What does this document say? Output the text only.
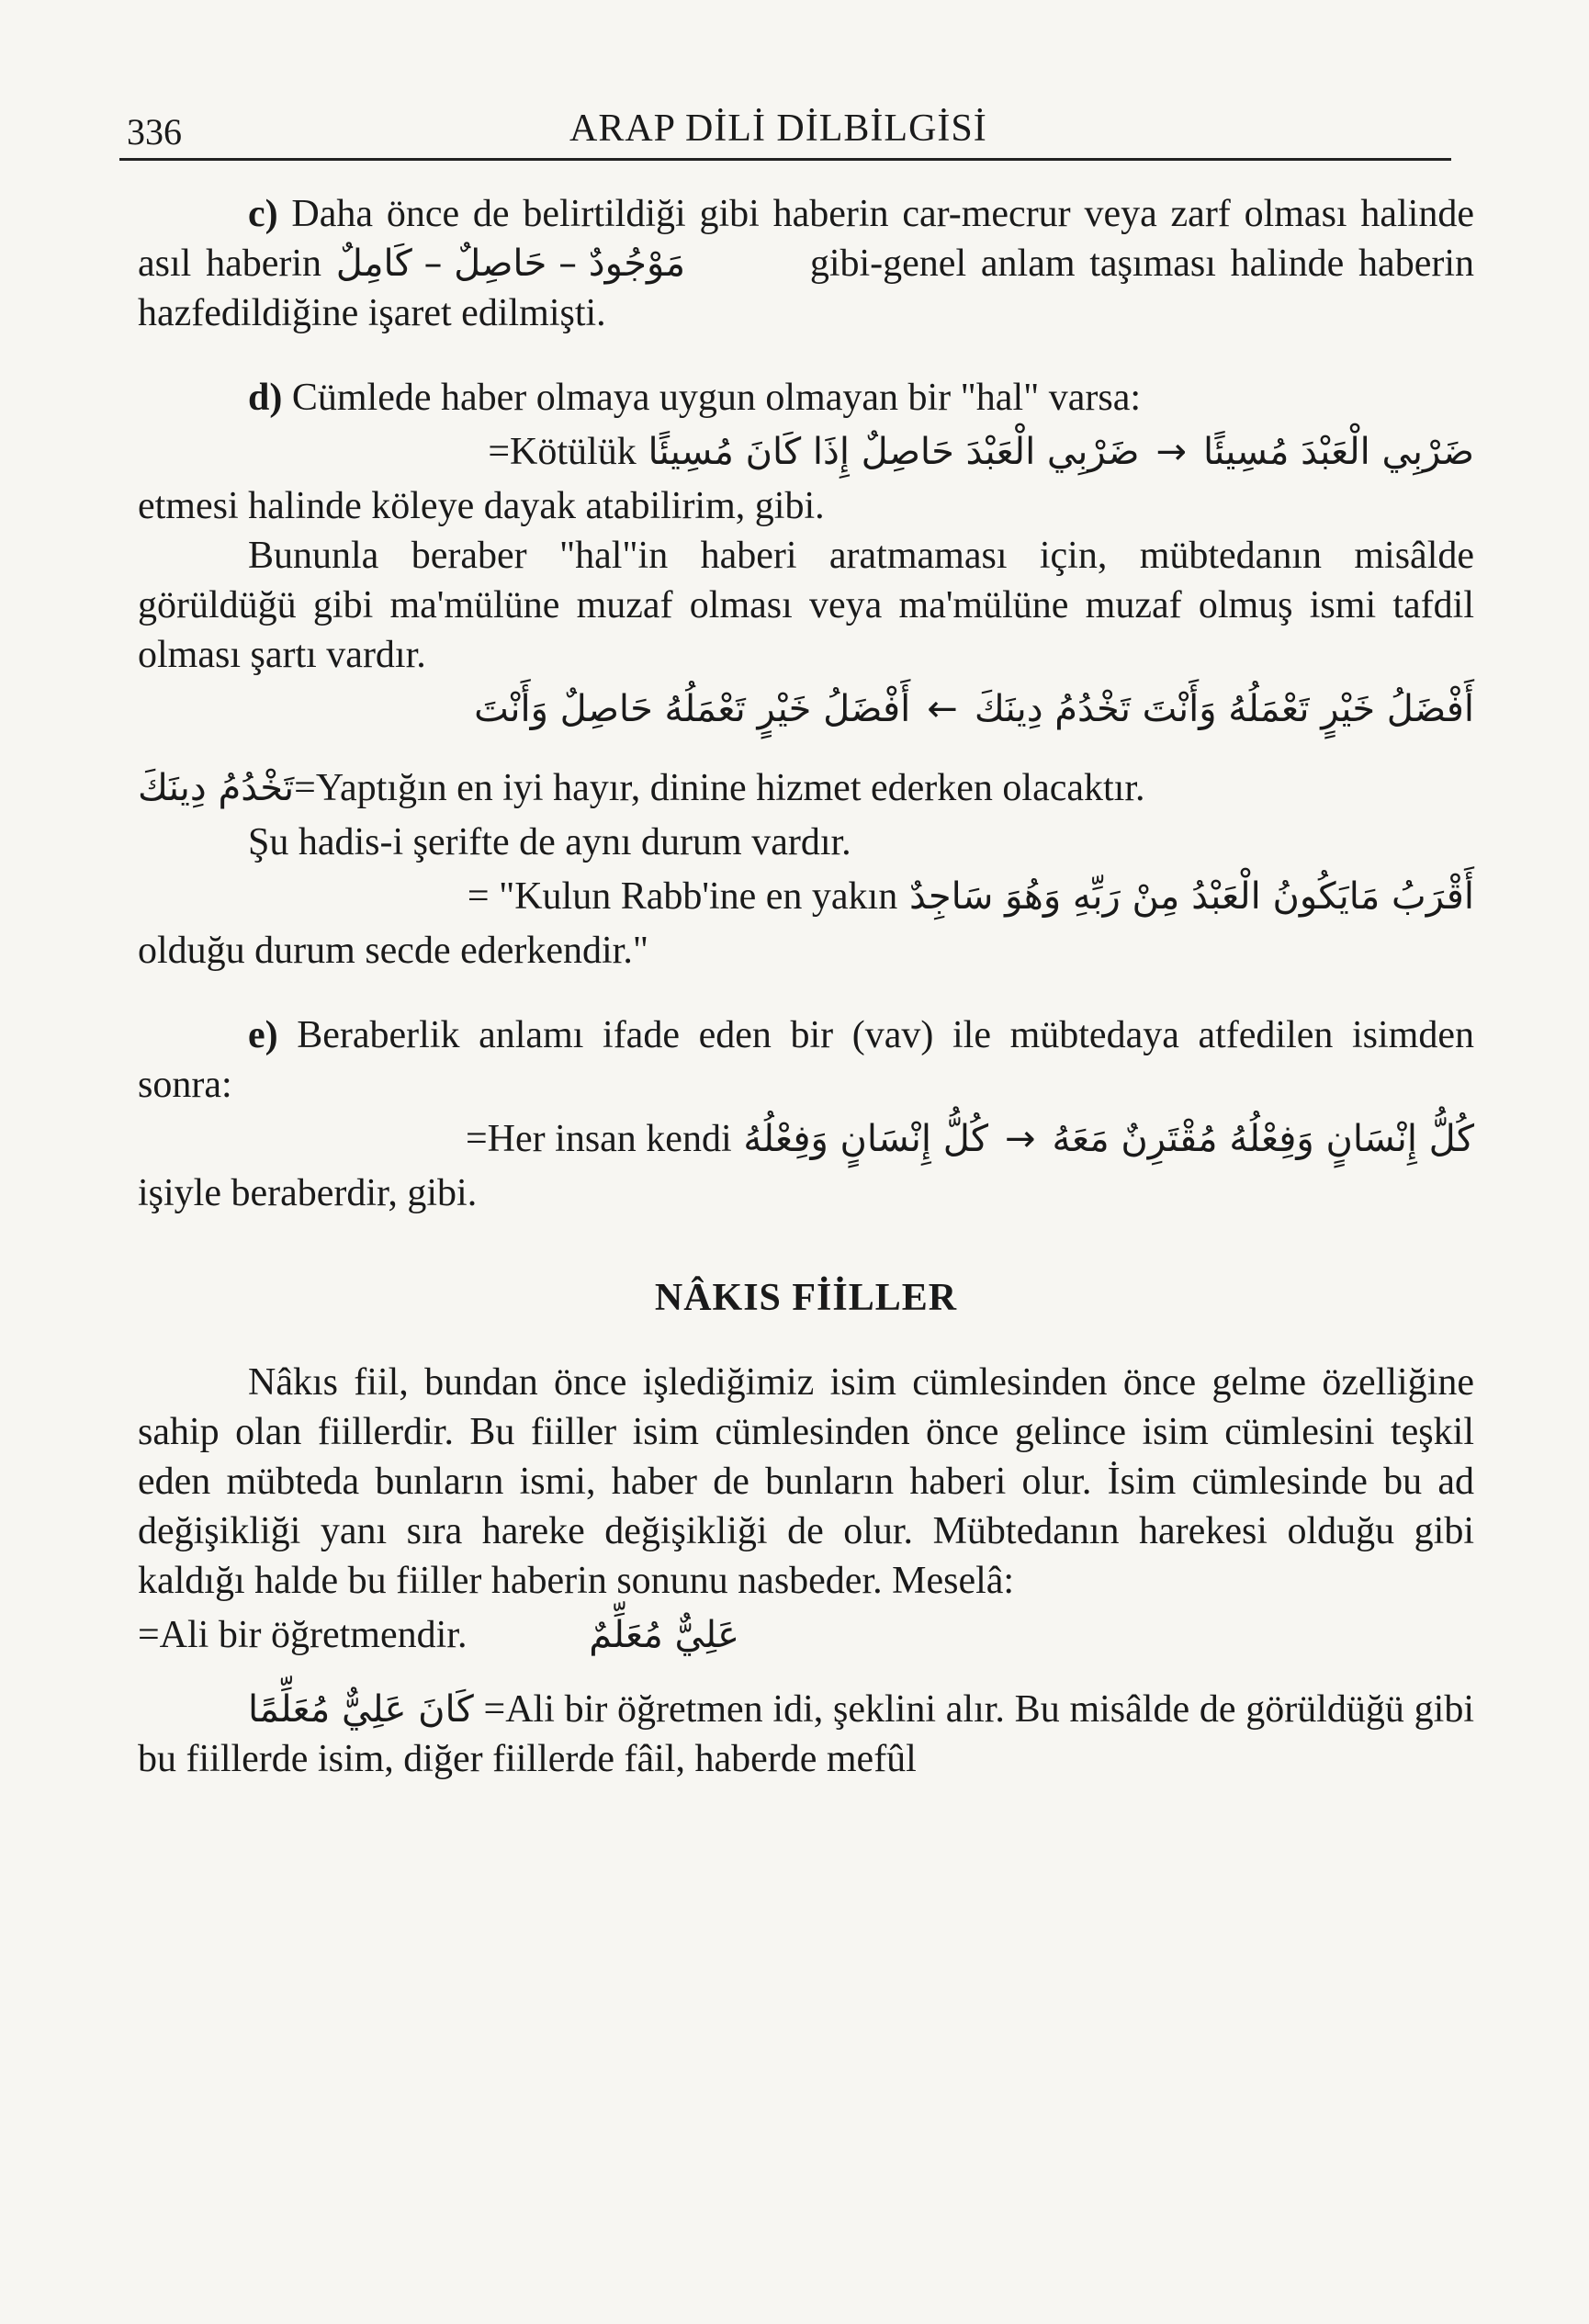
336	ARAP DİLİ DİLBİLGİSİ

c) Daha önce de belirtildiği gibi haberin car-mecrur veya zarf olması halinde asıl haberin مَوْجُودٌ – حَاصِلٌ – كَامِلٌ	gibi-genel anlam taşıması halinde haberin hazfedildiğine işaret edilmişti.

d) Cümlede haber olmaya uygun olmayan bir "hal" varsa:

ضَرْبِي الْعَبْدَ مُسِيئًا→ضَرْبِي الْعَبْدَ حَاصِلٌ إِذَا كَانَ مُسِيئًا =Kötülük

etmesi halinde köleye dayak atabilirim, gibi.

Bununla beraber "hal"in haberi aratmaması için, mübtedanın misâlde görüldüğü gibi ma'mülüne muzaf olması veya ma'mülüne muzaf olmuş ismi tafdil olması şartı vardır.

أَفْضَلُ خَيْرٍ تَعْمَلُهُ وَأَنْتَ تَخْدُمُ دِينَكَ←أَفْضَلُ خَيْرٍ تَعْمَلُهُ حَاصِلٌ وَأَنْتَ

=Yaptığın en iyi hayır, dinine hizmet ederken olacaktır.تَخْدُمُ دِينَكَ

Şu hadis-i şerifte de aynı durum vardır.

أَقْرَبُ مَايَكُونُ الْعَبْدُ مِنْ رَبِّهِ وَهُوَ سَاجِدٌ = "Kulun Rabb'ine en yakın

olduğu durum secde ederkendir."

e) Beraberlik anlamı ifade eden bir (vav) ile mübtedaya atfedilen isimden sonra:

كُلُّ إِنْسَانٍ وَفِعْلُهُ مُقْتَرِنٌ مَعَهُ→كُلُّ إِنْسَانٍ وَفِعْلُهُ =Her insan kendi

işiyle beraberdir, gibi.

NÂKIS FİİLLER

Nâkıs fiil, bundan önce işlediğimiz isim cümlesinden önce gelme özelliğine sahip olan fiillerdir. Bu fiiller isim cümlesinden önce gelince isim cümlesini teşkil eden mübteda bunların ismi, haber de bunların haberi olur. İsim cümlesinde bu ad değişikliği yanı sıra hareke değişikliği de olur. Mübtedanın harekesi olduğu gibi kaldığı halde bu fiiller haberin sonunu nasbeder. Meselâ:

عَلِيٌّ مُعَلِّمٌ =Ali bir öğretmendir.

كَانَ عَلِيٌّ مُعَلِّمًا =Ali bir öğretmen idi, şeklini alır. Bu misâlde de görüldüğü gibi bu fiillerde isim, diğer fiillerde fâil, haberde mefûl
